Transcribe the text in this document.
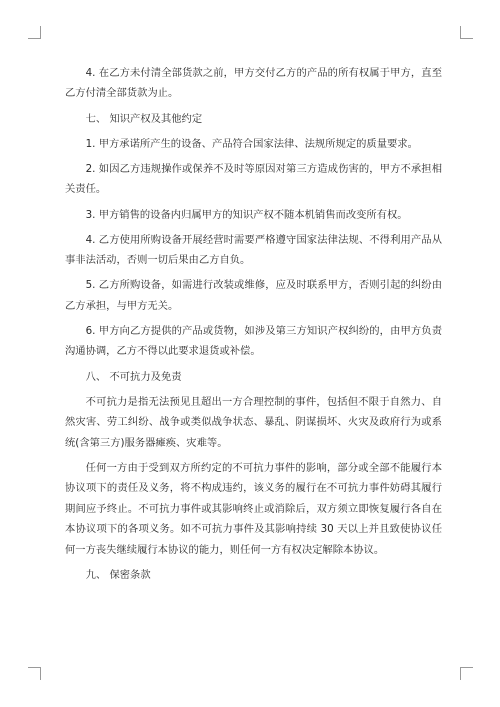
4. 在乙方未付清全部货款之前，甲方交付乙方的产品的所有权属于甲方，直至乙方付清全部货款为止。

七、 知识产权及其他约定

1. 甲方承诺所产生的设备、产品符合国家法律、法规所规定的质量要求。

2. 如因乙方违规操作或保养不及时等原因对第三方造成伤害的，甲方不承担相关责任。

3. 甲方销售的设备内归属甲方的知识产权不随本机销售而改变所有权。

4. 乙方使用所购设备开展经营时需要严格遵守国家法律法规、不得利用产品从事非法活动，否则一切后果由乙方自负。

5. 乙方所购设备，如需进行改装或维修，应及时联系甲方，否则引起的纠纷由乙方承担，与甲方无关。

6. 甲方向乙方提供的产品或货物，如涉及第三方知识产权纠纷的，由甲方负责沟通协调，乙方不得以此要求退货或补偿。

八、 不可抗力及免责

不可抗力是指无法预见且超出一方合理控制的事件，包括但不限于自然力、自然灾害、劳工纠纷、战争或类似战争状态、暴乱、阴谋损坏、火灾及政府行为或系统(含第三方)服务器瘫痪、灾难等。

任何一方由于受到双方所约定的不可抗力事件的影响，部分或全部不能履行本协议项下的责任及义务，将不构成违约，该义务的履行在不可抗力事件妨碍其履行期间应予终止。不可抗力事件或其影响终止或消除后，双方须立即恢复履行各自在本协议项下的各项义务。如不可抗力事件及其影响持续 30 天以上并且致使协议任何一方丧失继续履行本协议的能力，则任何一方有权决定解除本协议。

九、 保密条款
